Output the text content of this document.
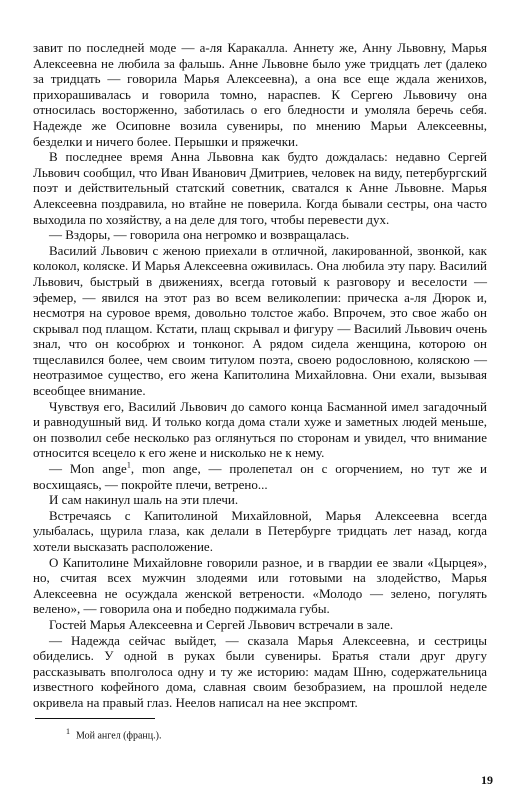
завит по последней моде — а-ля Каракалла. Аннету же, Анну Львовну, Марья Алексеевна не любила за фальшь. Анне Львовне было уже тридцать лет (далеко за тридцать — говорила Марья Алексеевна), а она все еще ждала женихов, прихорашивалась и говорила томно, нараспев. К Сергею Львовичу она относилась восторженно, заботилась о его бледности и умоляла беречь себя. Надежде же Осиповне возила сувениры, по мнению Марьи Алексеевны, безделки и ничего более. Перышки и пряжечки.

В последнее время Анна Львовна как будто дождалась: недавно Сергей Львович сообщил, что Иван Иванович Дмитриев, человек на виду, петербургский поэт и действительный статский советник, сватался к Анне Львовне. Марья Алексеевна поздравила, но втайне не поверила. Когда бывали сестры, она часто выходила по хозяйству, а на деле для того, чтобы перевести дух.

— Вздоры, — говорила она негромко и возвращалась.

Василий Львович с женою приехали в отличной, лакированной, звонкой, как колокол, коляске. И Марья Алексеевна оживилась. Она любила эту пару. Василий Львович, быстрый в движениях, всегда готовый к разговору и веселости — эфемер, — явился на этот раз во всем великолепии: прическа а-ля Дюрок и, несмотря на суровое время, довольно толстое жабо. Впрочем, это свое жабо он скрывал под плащом. Кстати, плащ скрывал и фигуру — Василий Львович очень знал, что он кособрюх и тонконог. А рядом сидела женщина, которою он тщеславился более, чем своим титулом поэта, своею родословною, коляскою — неотразимое существо, его жена Капитолина Михайловна. Они ехали, вызывая всеобщее внимание.

Чувствуя его, Василий Львович до самого конца Басманной имел загадочный и равнодушный вид. И только когда дома стали хуже и заметных людей меньше, он позволил себе несколько раз оглянуться по сторонам и увидел, что внимание относится всецело к его жене и нисколько не к нему.

— Mon ange$^1$, mon ange, — пролепетал он с огорчением, но тут же и восхищаясь, — покройте плечи, ветрено...

И сам накинул шаль на эти плечи.

Встречаясь с Капитолиной Михайловной, Марья Алексеевна всегда улыбалась, щурила глаза, как делали в Петербурге тридцать лет назад, когда хотели высказать расположение.

О Капитолине Михайловне говорили разное, и в гвардии ее звали «Цырцея», но, считая всех мужчин злодеями или готовыми на злодейство, Марья Алексеевна не осуждала женской ветрености. «Молодо — зелено, погулять велено», — говорила она и победно поджимала губы.

Гостей Марья Алексеевна и Сергей Львович встречали в зале.

— Надежда сейчас выйдет, — сказала Марья Алексеевна, и сестрицы обиделись. У одной в руках были сувениры. Братья стали друг другу рассказывать вполголоса одну и ту же историю: мадам Шню, содержательница известного кофейного дома, славная своим безобразием, на прошлой неделе окривела на правый глаз. Неелов написал на нее экспромт.

$^1$ Мой ангел (франц.).
19
